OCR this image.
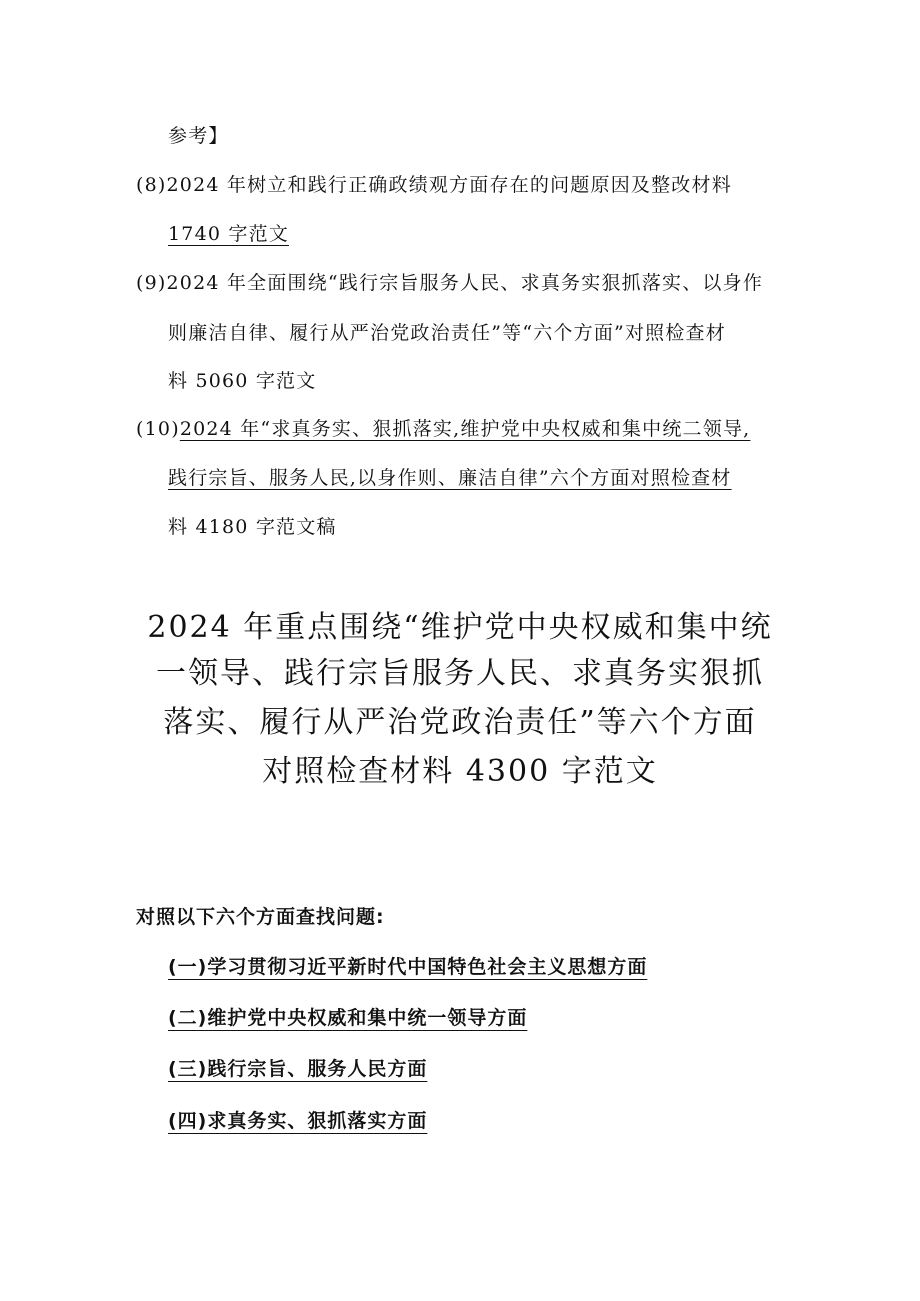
参考】
(8)2024 年树立和践行正确政绩观方面存在的问题原因及整改材料
1740 字范文
(9)2024 年全面围绕“践行宗旨服务人民、求真务实狠抓落实、以身作
则廉洁自律、履行从严治党政治责任”等“六个方面”对照检查材
料 5060 字范文
(10)2024 年“求真务实、狠抓落实,维护党中央权威和集中统二领导,
践行宗旨、服务人民,以身作则、廉洁自律”六个方面对照检查材
料 4180 字范文稿
2024 年重点围绕“维护党中央权威和集中统
一领导、践行宗旨服务人民、求真务实狠抓
落实、履行从严治党政治责任”等六个方面
对照检查材料 4300 字范文
对照以下六个方面查找问题:
(一)学习贯彻习近平新时代中国特色社会主义思想方面
(二)维护党中央权威和集中统一领导方面
(三)践行宗旨、服务人民方面
(四)求真务实、狠抓落实方面
